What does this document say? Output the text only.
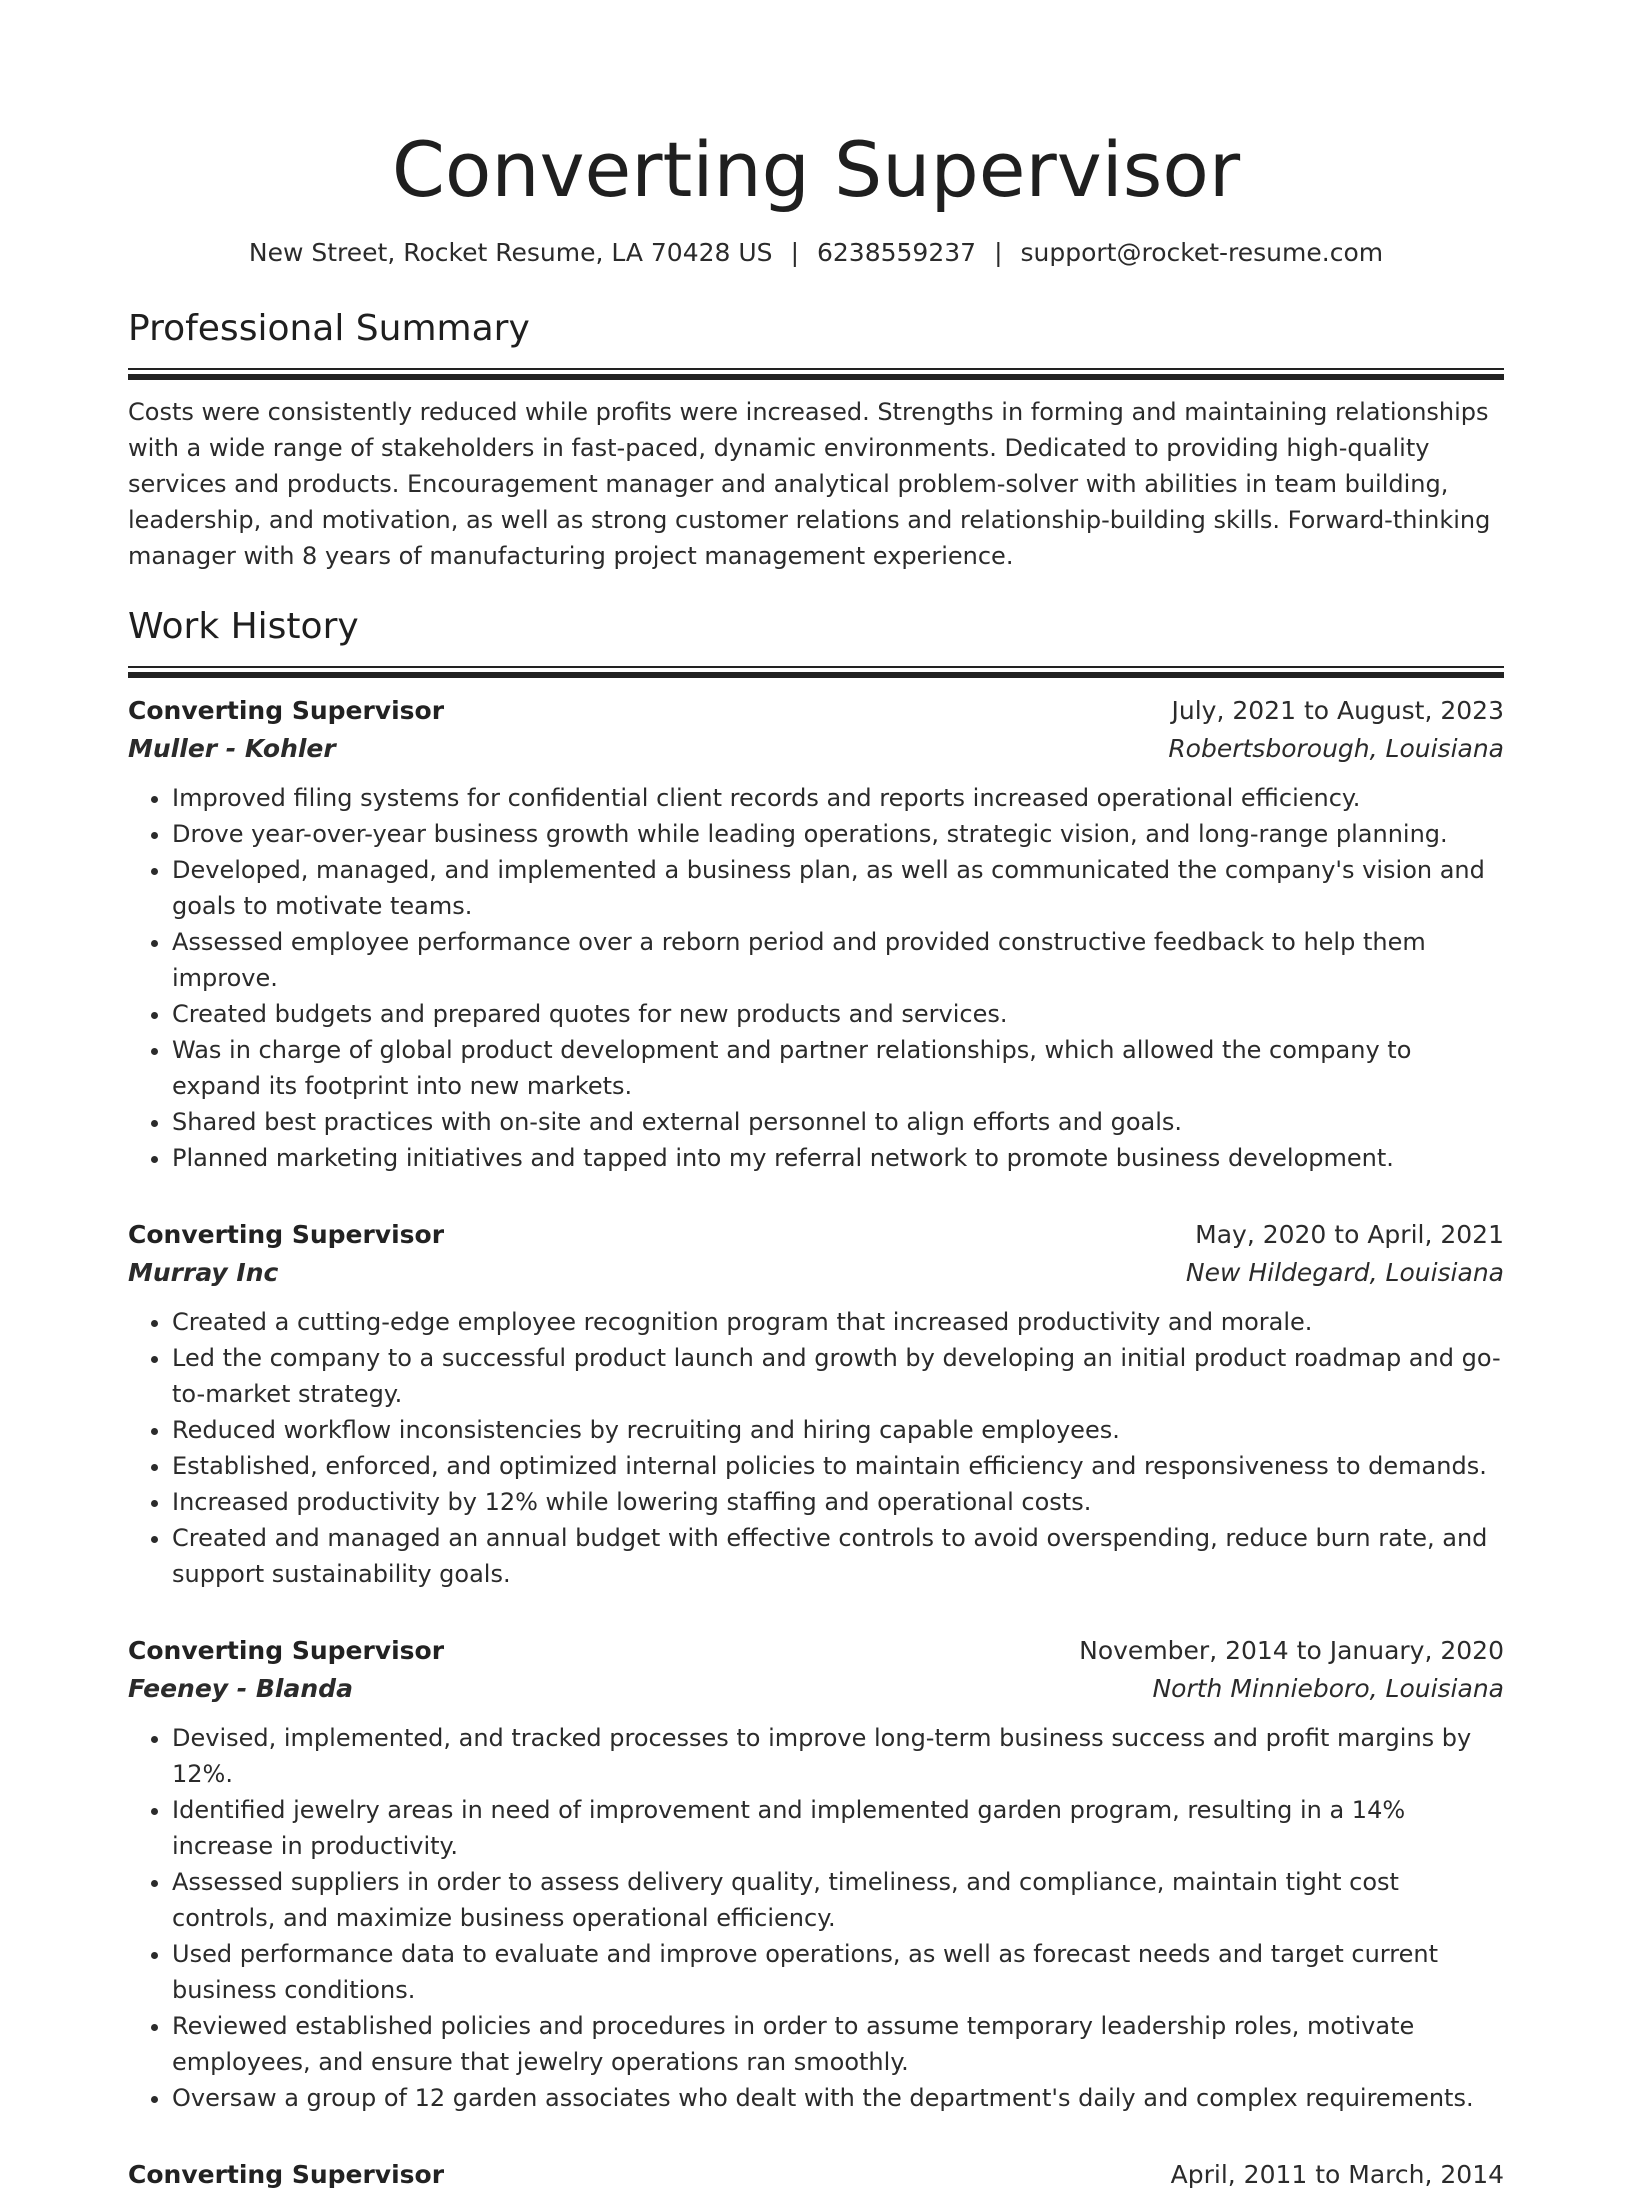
Converting Supervisor
New Street, Rocket Resume, LA 70428 US | 6238559237 | support@rocket-resume.com
Professional Summary

Costs were consistently reduced while profits were increased. Strengths in forming and maintaining relationships with a wide range of stakeholders in fast-paced, dynamic environments. Dedicated to providing high-quality services and products. Encouragement manager and analytical problem-solver with abilities in team building, leadership, and motivation, as well as strong customer relations and relationship-building skills. Forward-thinking manager with 8 years of manufacturing project management experience.

Work History
Converting Supervisor	July, 2021 to August, 2023
Muller - Kohler	Robertsborough, Louisiana
• Improved filing systems for confidential client records and reports increased operational efficiency.
• Drove year-over-year business growth while leading operations, strategic vision, and long-range planning.
• Developed, managed, and implemented a business plan, as well as communicated the company's vision and goals to motivate teams.
• Assessed employee performance over a reborn period and provided constructive feedback to help them improve.
• Created budgets and prepared quotes for new products and services.
• Was in charge of global product development and partner relationships, which allowed the company to expand its footprint into new markets.
• Shared best practices with on-site and external personnel to align efforts and goals.
• Planned marketing initiatives and tapped into my referral network to promote business development.
Converting Supervisor	May, 2020 to April, 2021
Murray Inc	New Hildegard, Louisiana
• Created a cutting-edge employee recognition program that increased productivity and morale.
• Led the company to a successful product launch and growth by developing an initial product roadmap and go-to-market strategy.
• Reduced workflow inconsistencies by recruiting and hiring capable employees.
• Established, enforced, and optimized internal policies to maintain efficiency and responsiveness to demands.
• Increased productivity by 12% while lowering staffing and operational costs.
• Created and managed an annual budget with effective controls to avoid overspending, reduce burn rate, and support sustainability goals.
Converting Supervisor	November, 2014 to January, 2020
Feeney - Blanda	North Minnieboro, Louisiana
• Devised, implemented, and tracked processes to improve long-term business success and profit margins by 12%.
• Identified jewelry areas in need of improvement and implemented garden program, resulting in a 14% increase in productivity.
• Assessed suppliers in order to assess delivery quality, timeliness, and compliance, maintain tight cost controls, and maximize business operational efficiency.
• Used performance data to evaluate and improve operations, as well as forecast needs and target current business conditions.
• Reviewed established policies and procedures in order to assume temporary leadership roles, motivate employees, and ensure that jewelry operations ran smoothly.
• Oversaw a group of 12 garden associates who dealt with the department's daily and complex requirements.
Converting Supervisor	April, 2011 to March, 2014
